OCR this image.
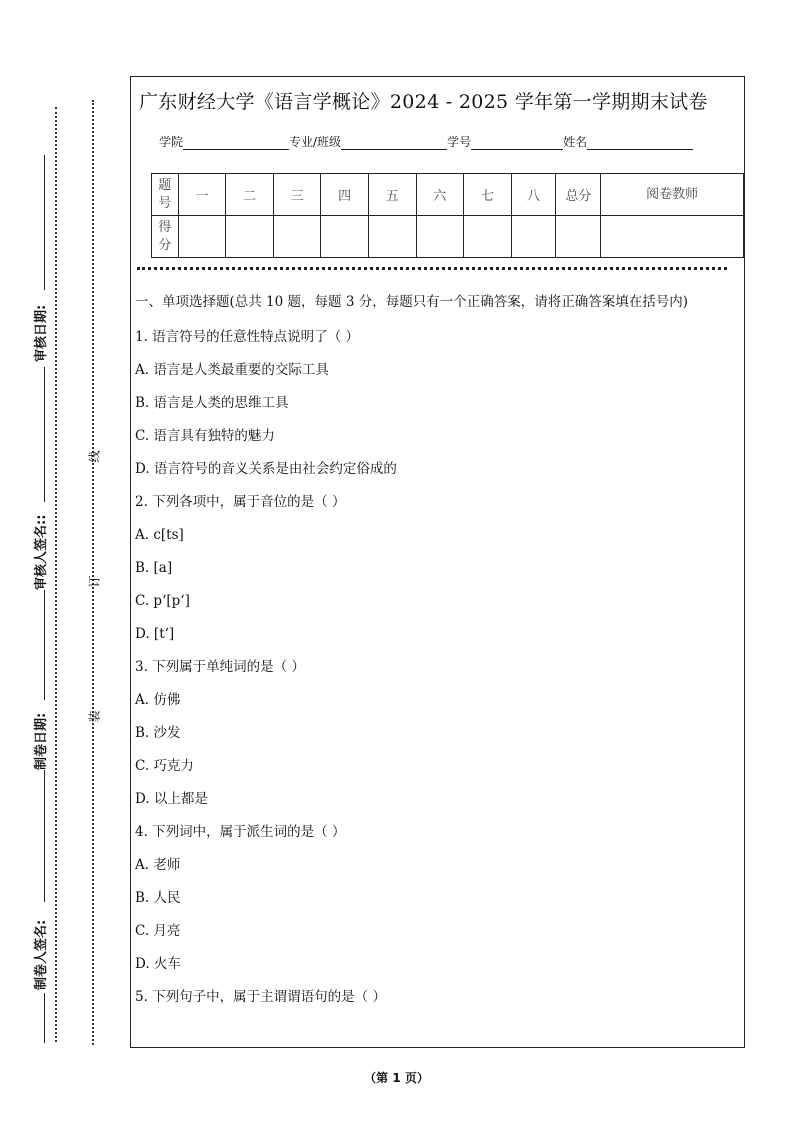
审核日期:
审核人签名::
制卷日期:
制卷人签名:
线
订
装
广东财经大学《语言学概论》2024 - 2025 学年第一学期期末试卷
学院	专业/班级	学号	姓名
题号	一	二	三	四	五	六	七	八	总分	阅卷教师
得分										
一、单项选择题(总共 10 题，每题 3 分，每题只有一个正确答案，请将正确答案填在括号内)
1. 语言符号的任意性特点说明了（ ）
A. 语言是人类最重要的交际工具
B. 语言是人类的思维工具
C. 语言具有独特的魅力
D. 语言符号的音义关系是由社会约定俗成的
2. 下列各项中，属于音位的是（ ）
A. c[ts]
B. [a]
C. p‘[p‘]
D. [t‘]
3. 下列属于单纯词的是（ ）
A. 仿佛
B. 沙发
C. 巧克力
D. 以上都是
4. 下列词中，属于派生词的是（ ）
A. 老师
B. 人民
C. 月亮
D. 火车
5. 下列句子中，属于主谓谓语句的是（ ）
（第 1 页）
